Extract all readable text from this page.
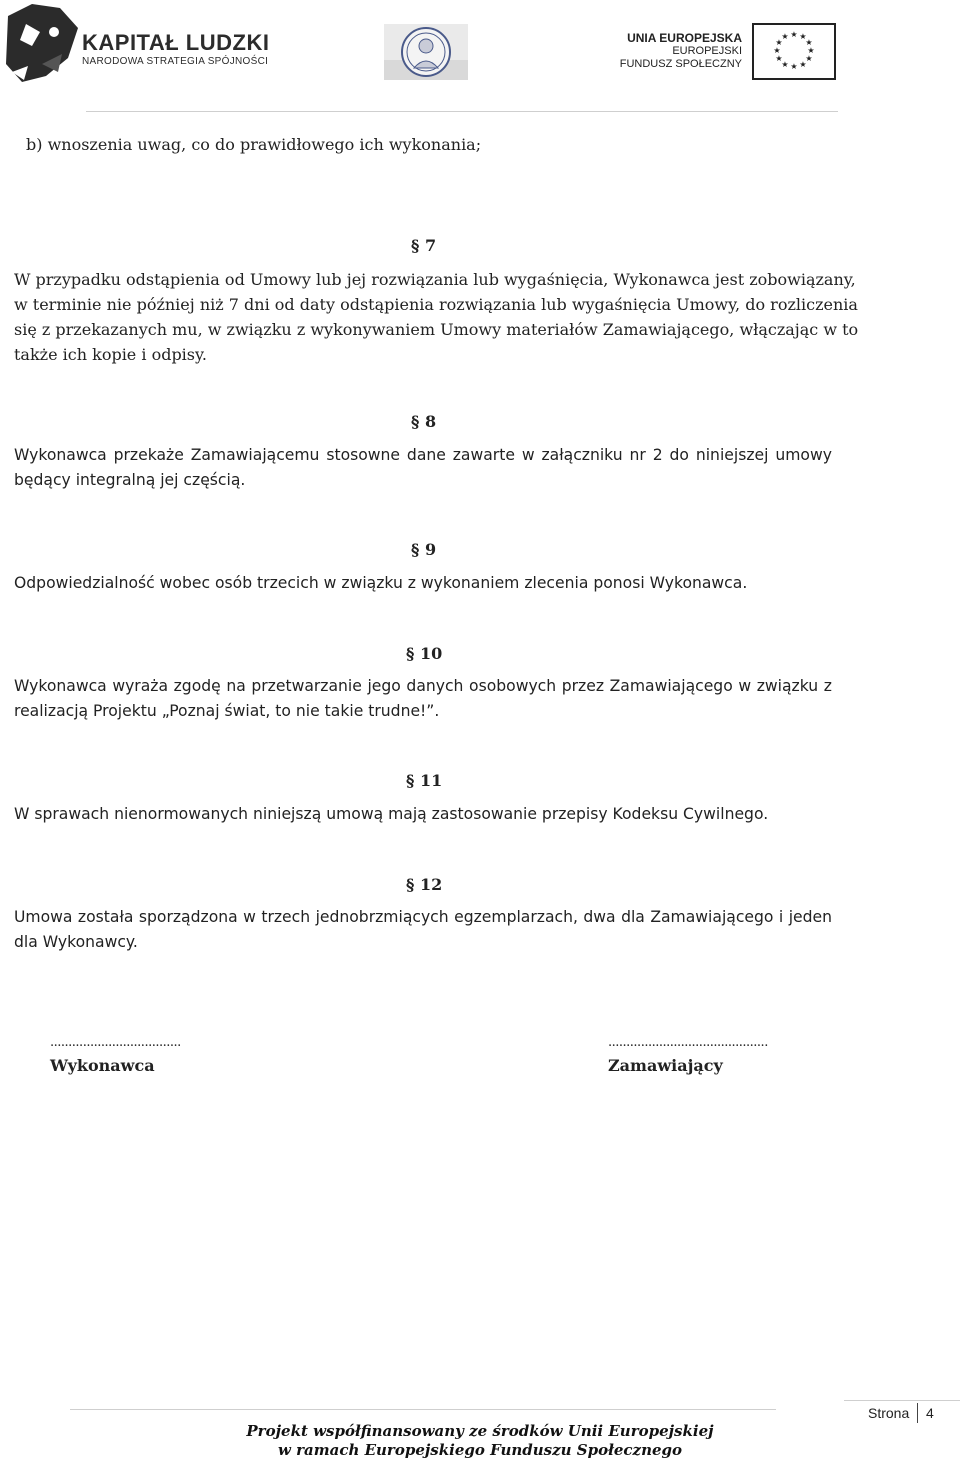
KAPITAŁ LUDZKI
NARODOWA STRATEGIA SPÓJNOŚCI
UNIA EUROPEJSKA
EUROPEJSKI
FUNDUSZ SPOŁECZNY
★ ★
★
★
★
★
★
★
★
★
★
★
b) wnoszenia uwag, co do prawidłowego ich wykonania;
§ 7
W przypadku odstąpienia od Umowy lub jej rozwiązania lub wygaśnięcia, Wykonawca jest zobowiązany,
w terminie nie później niż 7 dni od daty odstąpienia rozwiązania lub wygaśnięcia Umowy, do rozliczenia
się z przekazanych mu, w związku z wykonywaniem Umowy materiałów Zamawiającego, włączając w to
także ich kopie i odpisy.
§ 8
Wykonawca przekaże Zamawiającemu stosowne dane zawarte w załączniku nr 2 do niniejszej umowy
będący integralną jej częścią.
§ 9
Odpowiedzialność wobec osób trzecich w związku z wykonaniem zlecenia ponosi Wykonawca.
§ 10
Wykonawca wyraża zgodę na przetwarzanie jego danych osobowych przez Zamawiającego w związku z
realizacją Projektu „Poznaj świat, to nie takie trudne!”.
§ 11
W sprawach nienormowanych niniejszą umową mają zastosowanie przepisy Kodeksu Cywilnego.
§ 12
Umowa została sporządzona w trzech jednobrzmiących egzemplarzach, dwa dla Zamawiającego i jeden
dla Wykonawcy.
....................................
Wykonawca
............................................
Zamawiający
Projekt współfinansowany ze środków Unii Europejskiej
w ramach Europejskiego Funduszu Społecznego
Strona 4
